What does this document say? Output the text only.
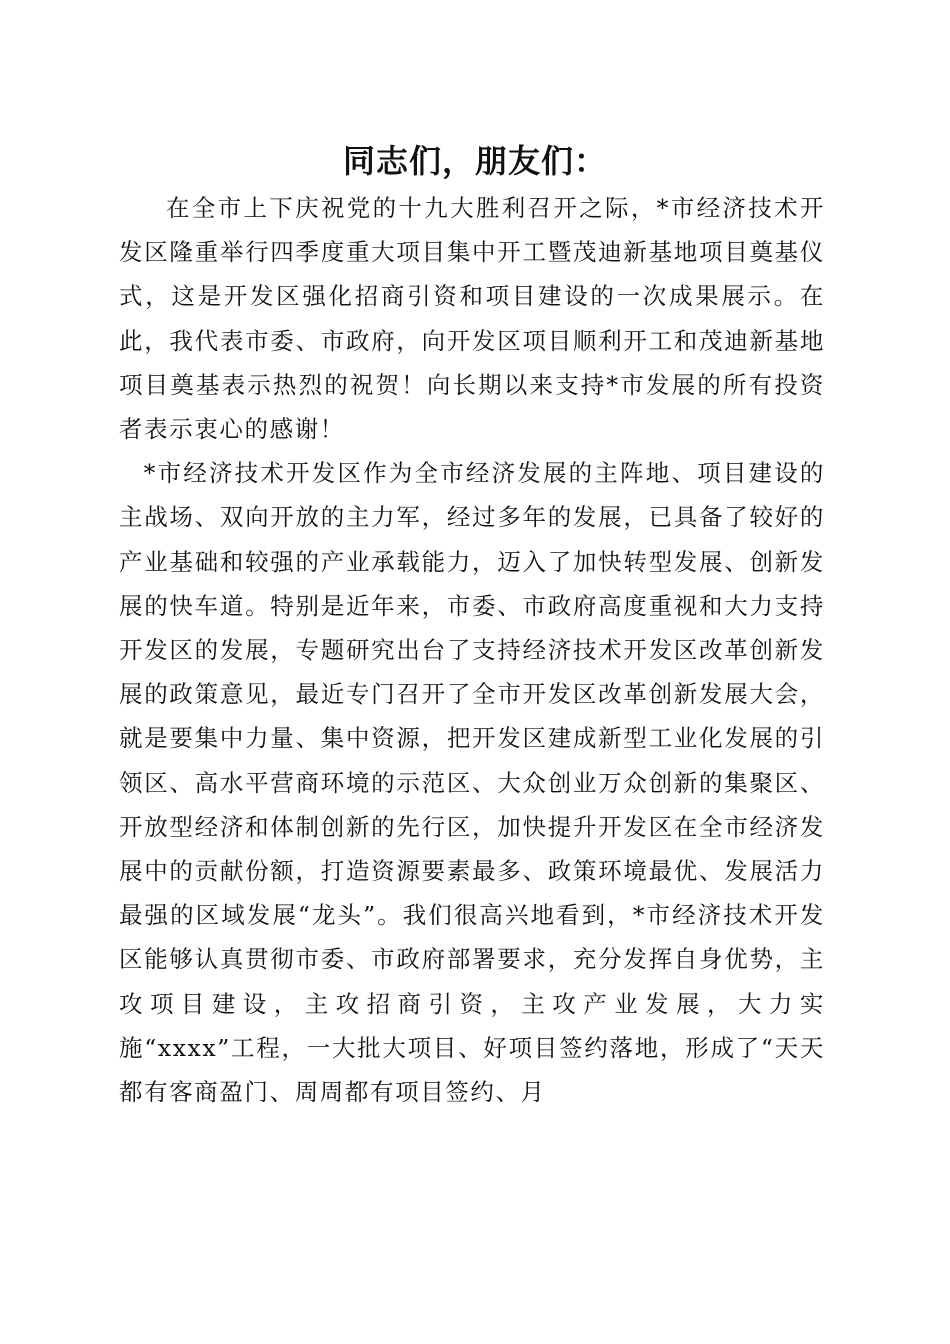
同志们，朋友们：

在全市上下庆祝党的十九大胜利召开之际，*市经济技术开发区隆重举行四季度重大项目集中开工暨茂迪新基地项目奠基仪式，这是开发区强化招商引资和项目建设的一次成果展示。在此，我代表市委、市政府，向开发区项目顺利开工和茂迪新基地项目奠基表示热烈的祝贺！向长期以来支持*市发展的所有投资者表示衷心的感谢！

*市经济技术开发区作为全市经济发展的主阵地、项目建设的主战场、双向开放的主力军，经过多年的发展，已具备了较好的产业基础和较强的产业承载能力，迈入了加快转型发展、创新发展的快车道。特别是近年来，市委、市政府高度重视和大力支持开发区的发展，专题研究出台了支持经济技术开发区改革创新发展的政策意见，最近专门召开了全市开发区改革创新发展大会，就是要集中力量、集中资源，把开发区建成新型工业化发展的引领区、高水平营商环境的示范区、大众创业万众创新的集聚区、开放型经济和体制创新的先行区，加快提升开发区在全市经济发展中的贡献份额，打造资源要素最多、政策环境最优、发展活力最强的区域发展“龙头”。我们很高兴地看到，*市经济技术开发区能够认真贯彻市委、市政府部署要求，充分发挥自身优势，主攻项目建设，主攻招商引资，主攻产业发展，大力实施“xxxx”工程，一大批大项目、好项目签约落地，形成了“天天都有客商盈门、周周都有项目签约、月
